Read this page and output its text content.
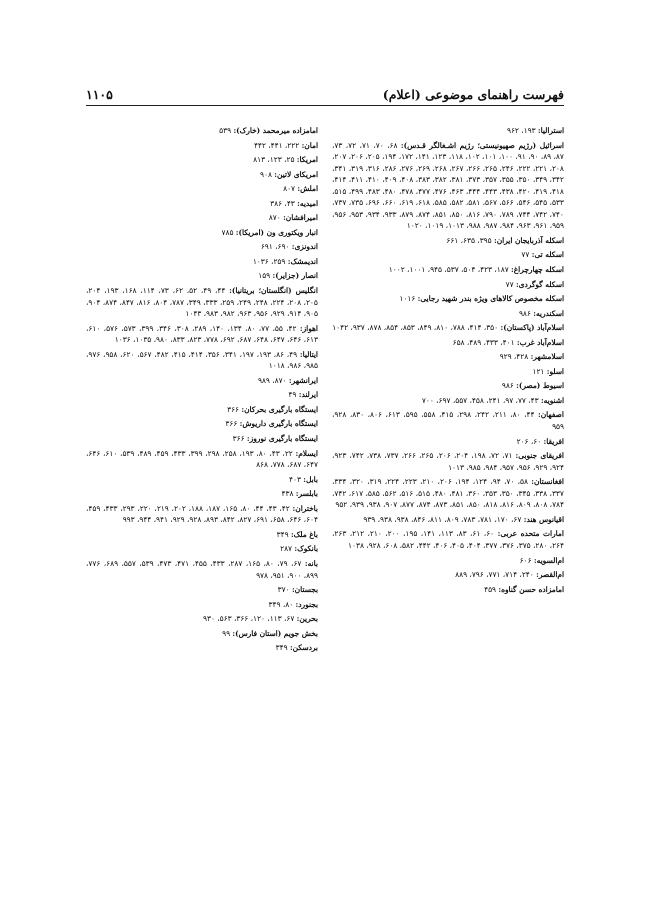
۱۱۰۵	فهرست راهنمای موضوعی (اعلام)
استرالیا: ۱۹۳، ۹۶۲
اسرائیل (رژیم صهیونیستی؛ رژیم اشـغالگر قـدس): ۶۸، ۷۰، ۷۱، ۷۲، ۷۳، ۸۷، ۸۹، ۹۰، ۹۱، ۱۰۰، ۱۰۱، ۱۰۲، ۱۱۸، ۱۲۳، ۱۴۱، ۱۷۲، ۱۹۴، ۲۰۵، ۲۰۶، ۲۰۷، ۲۰۸، ۲۲۱، ۲۲۲، ۲۴۶، ۲۶۵، ۲۶۶، ۲۶۷، ۲۶۸، ۲۶۹، ۲۷۶، ۲۸۶، ۳۱۶، ۳۱۹، ۳۴۱، ۳۴۲، ۳۴۹، ۳۵۰، ۳۵۵، ۳۵۷، ۳۷۳، ۳۸۱، ۳۸۲، ۳۸۳، ۴۰۸، ۴۰۹، ۴۱۰، ۴۱۱، ۴۱۴، ۴۱۸، ۴۱۹، ۴۲۰، ۴۳۸، ۴۴۳، ۴۴۴، ۴۶۳، ۴۷۶، ۴۷۷، ۴۷۸، ۴۸۰، ۴۸۳، ۴۹۹، ۵۱۵، ۵۳۳، ۵۴۵، ۵۴۶، ۵۶۶، ۵۶۷، ۵۸۱، ۵۸۲، ۵۸۵، ۶۱۸، ۶۱۹، ۶۶۰، ۶۹۶، ۷۳۵، ۷۳۷، ۷۴۰، ۷۴۲، ۷۴۴، ۷۸۹، ۷۹۰، ۸۱۶، ۸۵۰، ۸۵۱، ۸۷۴، ۸۷۹، ۹۳۳، ۹۳۴، ۹۵۳، ۹۵۶، ۹۵۹، ۹۶۱، ۹۶۳، ۹۸۴، ۹۸۷، ۹۸۸، ۱۰۱۳، ۱۰۱۹، ۱۰۲۰
اسکله آذربایجان ایران: ۳۹۵، ۶۳۵، ۶۶۱
اسکله تی: ۷۷
اسکله چهارچراغ: ۱۸۷، ۴۲۳، ۵۰۴، ۵۳۷، ۹۴۵، ۱۰۰۱، ۱۰۰۲
اسکله گوگردی: ۷۷
اسکله مخصوص کالاهای ویژه بندر شهید رجایی: ۱۰۱۶
اسکندریه: ۹۸۶
اسلام‌آباد (پاکستان): ۳۵۰، ۴۱۴، ۷۸۸، ۸۱۰، ۸۴۹، ۸۵۳، ۸۵۴، ۸۷۸، ۹۳۷، ۱۰۴۲
اسلام‌آباد غرب: ۴۰۱، ۴۳۳، ۴۸۹، ۶۵۸
اسلامشهر: ۴۲۸، ۹۲۹
اسلو: ۱۲۱
اسیوط (مصر): ۹۸۶
اشنویه: ۴۳، ۷۷، ۹۷، ۲۴۱، ۴۵۸، ۵۵۷، ۶۹۷، ۷۰۰
اصفهان: ۴۴، ۸۰، ۲۱۱، ۲۴۲، ۲۹۸، ۴۱۵، ۵۵۸، ۵۹۵، ۶۱۳، ۸۰۶، ۸۳۰، ۹۲۸، ۹۵۹
افریقا: ۶۰، ۲۰۶
افریقای جنوبی: ۷۱، ۷۲، ۱۹۸، ۲۰۴، ۲۰۶، ۲۶۵، ۲۶۶، ۷۳۷، ۷۳۸، ۷۴۲، ۹۲۳، ۹۲۴، ۹۲۹، ۹۵۶، ۹۵۷، ۹۸۴، ۹۸۵، ۱۰۱۳
افغانستان: ۵۸، ۷۰، ۹۴، ۱۲۴، ۱۹۴، ۲۰۶، ۲۱۰، ۲۲۳، ۲۲۴، ۳۱۹، ۳۲۰، ۳۳۴، ۳۳۷، ۳۳۸، ۳۴۵، ۳۵۰، ۳۵۳، ۳۶۰، ۴۸۱، ۴۸۰، ۵۱۵، ۵۱۶، ۵۶۲، ۵۸۵، ۶۱۷، ۷۴۲، ۷۸۴، ۸۰۸، ۸۰۹، ۸۱۶، ۸۱۸، ۸۵۰، ۸۵۱، ۸۷۳، ۸۷۴، ۸۷۷، ۹۰۷، ۹۳۸، ۹۳۹، ۹۵۲
اقیانوس هند: ۶۷، ۱۷۰، ۷۸۱، ۷۸۳، ۸۰۹، ۸۱۱، ۸۴۶، ۹۳۸، ۹۳۸، ۹۳۹
امارات متحده عربی: ۶۰، ۶۱، ۸۳، ۱۱۳، ۱۴۱، ۱۹۵، ۲۰۰، ۲۱۰، ۲۱۲، ۲۶۳، ۲۶۴، ۲۸۰، ۳۷۵، ۳۷۶، ۳۷۷، ۴۰۴، ۴۰۵، ۴۰۶، ۴۴۲، ۵۸۲، ۶۰۸، ۹۲۸، ۱۰۳۸
ام‌السویه: ۶۰۶
ام‌القصر: ۲۴۰، ۷۱۴، ۷۷۱، ۷۹۶، ۸۸۹
امامزاده حسن گناوه: ۴۵۹
امامزاده میرمحمد (خارک): ۵۳۹
امان: ۲۲۲، ۴۴۱، ۴۴۲
امریکا: ۲۵، ۱۲۳، ۸۱۳
امریکای لاتین: ۹۰۸
املش: ۸۰۷
امیدیه: ۴۳، ۳۸۶
امیرافشان: ۸۷۰
انبار ویکتوری ون (امریکا): ۷۸۵
اندونزی: ۶۹۰، ۶۹۱
اندیمشک: ۲۵۹، ۱۰۳۶
انصار (جزایر): ۱۵۹
انگلیس (انگلستان؛ بریتانیا): ۴۴، ۴۹، ۵۲، ۶۲، ۷۳، ۱۱۴، ۱۶۸، ۱۹۳، ۲۰۴، ۲۰۵، ۲۰۸، ۲۲۴، ۲۴۸، ۲۴۹، ۲۵۹، ۳۳۳، ۳۴۹، ۷۸۷، ۸۰۴، ۸۱۶، ۸۴۷، ۸۷۴، ۹۰۴، ۹۰۵، ۹۱۴، ۹۲۹، ۹۵۶، ۹۶۳، ۹۸۲، ۹۸۳، ۱۰۴۳
اهواز: ۴۲، ۵۵، ۷۷، ۸۰، ۱۳۴، ۱۴۰، ۲۸۹، ۳۰۸، ۳۴۶، ۳۹۹، ۵۷۳، ۵۷۶، ۶۱۰، ۶۱۳، ۶۴۶، ۶۴۷، ۶۴۸، ۶۸۷، ۶۹۲، ۷۷۸، ۸۲۳، ۸۳۳، ۹۸۰، ۱۰۳۵، ۱۰۳۶
ایتالیا: ۴۹، ۸۶، ۱۹۳، ۱۹۷، ۳۴۱، ۳۵۶، ۴۱۴، ۴۱۵، ۴۸۲، ۵۶۷، ۶۲۰، ۹۵۸، ۹۷۶، ۹۸۵، ۹۸۶، ۱۰۱۸
ایرانشهر: ۸۷۰، ۹۸۹
ایرلند: ۴۹
ایستگاه بارگیری بحرکان: ۳۶۶
ایستگاه بارگیری داریوش: ۳۶۶
ایستگاه بارگیری نوروز: ۳۶۶
ایسلام: ۲۲، ۴۳، ۸۰، ۱۹۳، ۲۵۸، ۲۹۸، ۳۹۹، ۴۳۳، ۴۵۹، ۴۸۹، ۵۳۹، ۶۱۰، ۶۴۶، ۶۴۷، ۶۸۷، ۷۷۸، ۸۶۸
بابل: ۴۰۳
بابلسر: ۴۳۸
باختران: ۴۲، ۴۳، ۴۴، ۸۰، ۱۶۵، ۱۸۷، ۱۸۸، ۲۰۲، ۲۱۹، ۲۲۰، ۲۹۳، ۴۳۳، ۴۵۹، ۶۰۴، ۶۴۶، ۶۵۸، ۶۹۱، ۸۲۷، ۸۴۲، ۸۹۳، ۹۲۸، ۹۲۹، ۹۴۱، ۹۴۴، ۹۹۳
باغ ملک: ۳۴۹
بانکوک: ۲۸۷
بانه: ۶۷، ۷۹، ۸۰، ۱۶۵، ۲۸۷، ۴۳۳، ۴۵۵، ۴۷۱، ۴۷۳، ۵۳۹، ۵۵۷، ۶۸۹، ۷۷۶، ۸۹۹، ۹۰۰، ۹۵۱، ۹۷۸
بجستان: ۳۷۰
بجنورد: ۸۰، ۳۴۹
بحرین: ۶۷، ۱۱۳، ۱۲۰، ۳۶۶، ۵۶۳، ۹۳۰
بخش جویم (استان فارس): ۹۹
بردسکن: ۳۴۹
